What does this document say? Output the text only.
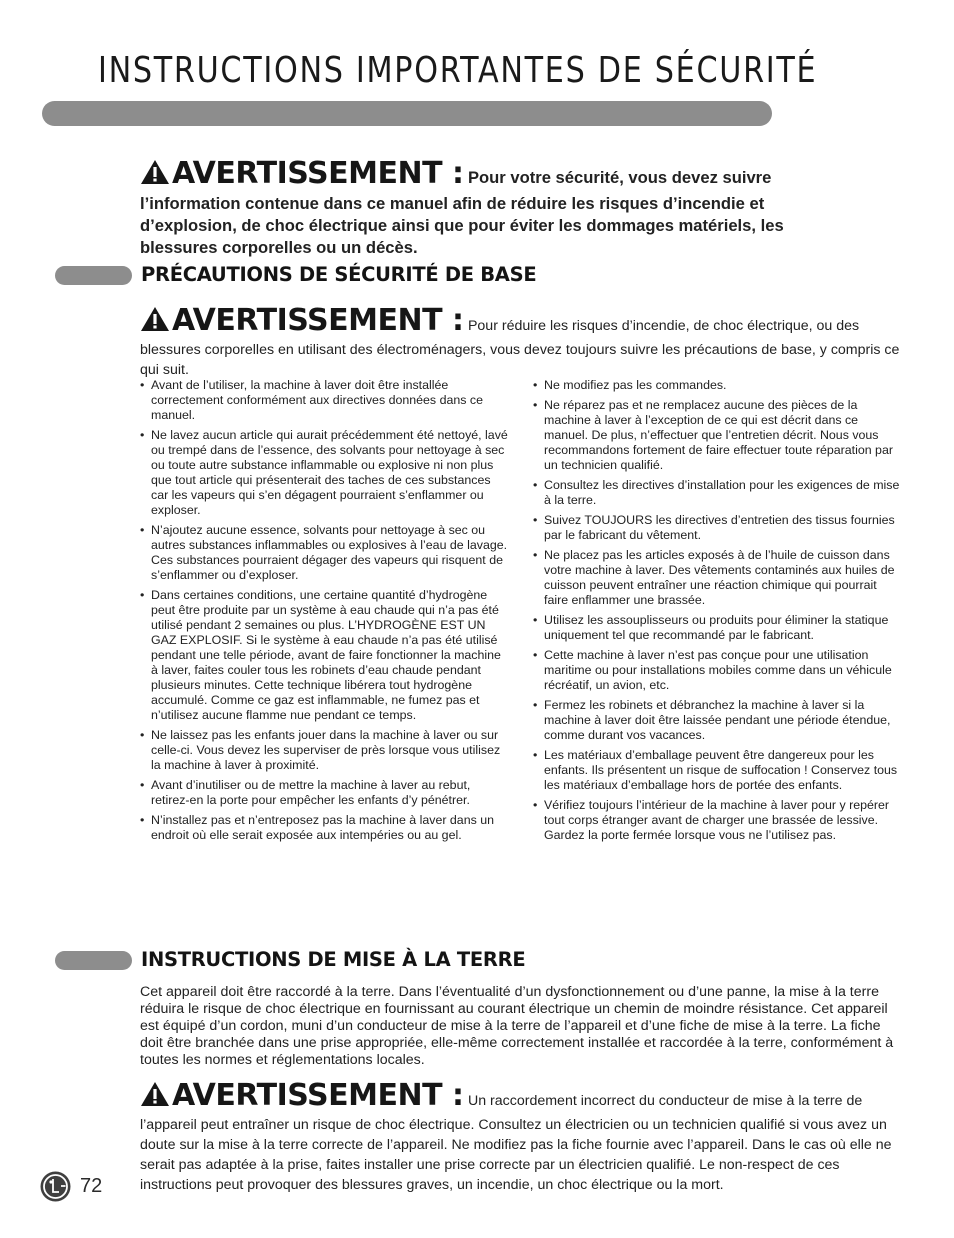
INSTRUCTIONS IMPORTANTES DE SÉCURITÉ
AVERTISSEMENT : Pour votre sécurité, vous devez suivre l’information contenue dans ce manuel afin de réduire les risques d’incendie et d’explosion, de choc électrique ainsi que pour éviter les dommages matériels, les blessures corporelles ou un décès.
PRÉCAUTIONS DE SÉCURITÉ DE BASE
AVERTISSEMENT : Pour réduire les risques d’incendie, de choc électrique, ou des blessures corporelles en utilisant des électroménagers, vous devez toujours suivre les précautions de base, y compris ce qui suit.
• Avant de l’utiliser, la machine à laver doit être installée correctement conformément aux directives données dans ce manuel.
• Ne lavez aucun article qui aurait précédemment été nettoyé, lavé ou trempé dans de l’essence, des solvants pour nettoyage à sec ou toute autre substance inflammable ou explosive ni non plus que tout article qui présenterait des taches de ces substances car les vapeurs qui s’en dégagent pourraient s’enflammer ou exploser.
• N’ajoutez aucune essence, solvants pour nettoyage à sec ou autres substances inflammables ou explosives à l’eau de lavage. Ces substances pourraient dégager des vapeurs qui risquent de s’enflammer ou d’exploser.
• Dans certaines conditions, une certaine quantité d’hydrogène peut être produite par un système à eau chaude qui n’a pas été utilisé pendant 2 semaines ou plus. L’HYDROGÈNE EST UN GAZ EXPLOSIF. Si le système à eau chaude n’a pas été utilisé pendant une telle période, avant de faire fonctionner la machine à laver, faites couler tous les robinets d’eau chaude pendant plusieurs minutes. Cette technique libérera tout hydrogène accumulé. Comme ce gaz est inflammable, ne fumez pas et n’utilisez aucune flamme nue pendant ce temps.
• Ne laissez pas les enfants jouer dans la machine à laver ou sur celle-ci. Vous devez les superviser de près lorsque vous utilisez la machine à laver à proximité.
• Avant d’inutiliser ou de mettre la machine à laver au rebut, retirez-en la porte pour empêcher les enfants d’y pénétrer.
• N’installez pas et n’entreposez pas la machine à laver dans un endroit où elle serait exposée aux intempéries ou au gel.
• Ne modifiez pas les commandes.
• Ne réparez pas et ne remplacez aucune des pièces de la machine à laver à l’exception de ce qui est décrit dans ce manuel. De plus, n’effectuer que l’entretien décrit. Nous vous recommandons fortement de faire effectuer toute réparation par un technicien qualifié.
• Consultez les directives d’installation pour les exigences de mise à la terre.
• Suivez TOUJOURS les directives d’entretien des tissus fournies par le fabricant du vêtement.
• Ne placez pas les articles exposés à de l’huile de cuisson dans votre machine à laver. Des vêtements contaminés aux huiles de cuisson peuvent entraîner une réaction chimique qui pourrait faire enflammer une brassée.
• Utilisez les assouplisseurs ou produits pour éliminer la statique uniquement tel que recommandé par le fabricant.
• Cette machine à laver n’est pas conçue pour une utilisation maritime ou pour installations mobiles comme dans un véhicule récréatif, un avion, etc.
• Fermez les robinets et débranchez la machine à laver si la machine à laver doit être laissée pendant une période étendue, comme durant vos vacances.
• Les matériaux d’emballage peuvent être dangereux pour les enfants. Ils présentent un risque de suffocation ! Conservez tous les matériaux d’emballage hors de portée des enfants.
• Vérifiez toujours l’intérieur de la machine à laver pour y repérer tout corps étranger avant de charger une brassée de lessive. Gardez la porte fermée lorsque vous ne l’utilisez pas.
INSTRUCTIONS DE MISE À LA TERRE
Cet appareil doit être raccordé à la terre. Dans l’éventualité d’un dysfonctionnement ou d’une panne, la mise à la terre réduira le risque de choc électrique en fournissant au courant électrique un chemin de moindre résistance. Cet appareil est équipé d’un cordon, muni d’un conducteur de mise à la terre de l’appareil et d’une fiche de mise à la terre. La fiche doit être branchée dans une prise appropriée, elle-même correctement installée et raccordée à la terre, conformément à toutes les normes et réglementations locales.
AVERTISSEMENT : Un raccordement incorrect du conducteur de mise à la terre de l’appareil peut entraîner un risque de choc électrique. Consultez un électricien ou un technicien qualifié si vous avez un doute sur la mise à la terre correcte de l’appareil. Ne modifiez pas la fiche fournie avec l’appareil. Dans le cas où elle ne serait pas adaptée à la prise, faites installer une prise correcte par un électricien qualifié. Le non-respect de ces instructions peut provoquer des blessures graves, un incendie, un choc électrique ou la mort.
72
